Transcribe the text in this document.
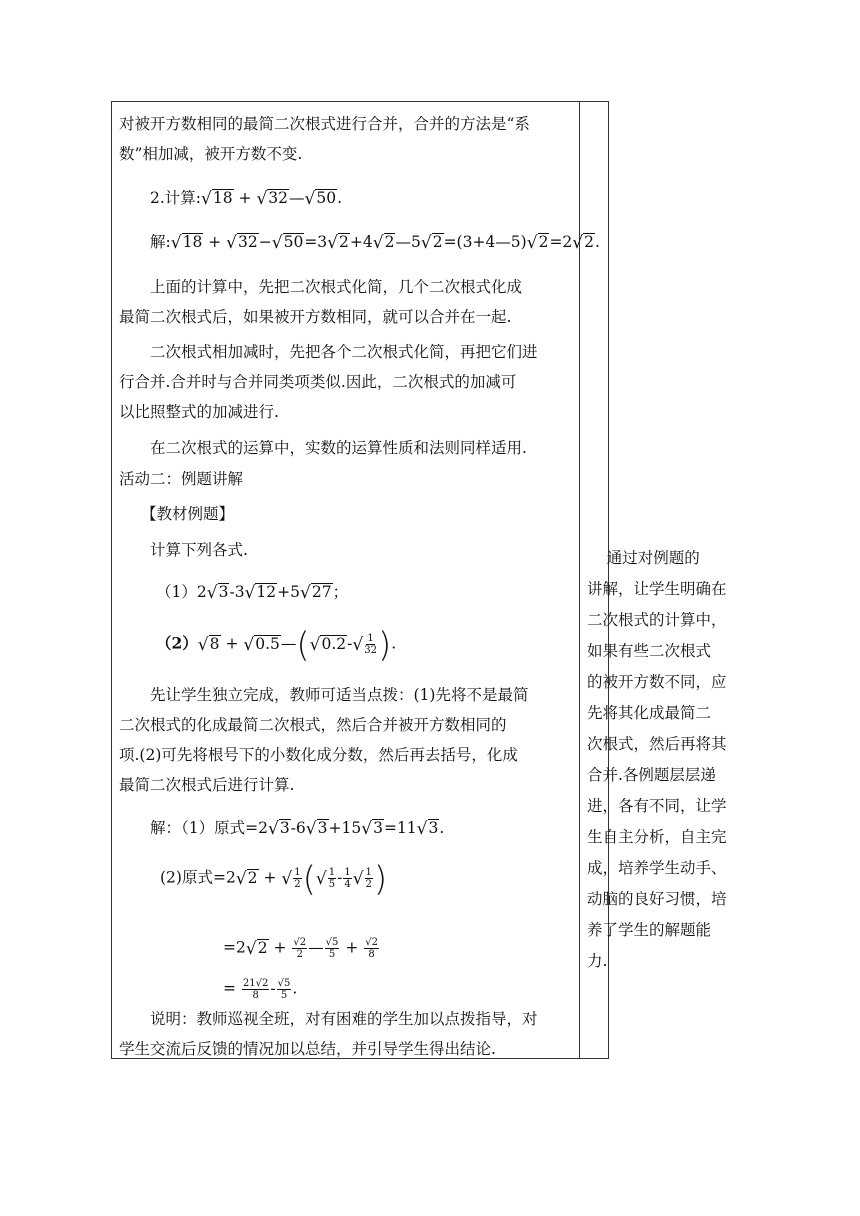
对被开方数相同的最简二次根式进行合并，合并的方法是“系
数”相加减，被开方数不变.
2.计算:√18 + √32—√50.
解:√18 + √32−√50=3√2+4√2—5√2=(3+4—5)√2=2√2.
上面的计算中，先把二次根式化简，几个二次根式化成
最简二次根式后，如果被开方数相同，就可以合并在一起.
二次根式相加减时，先把各个二次根式化简，再把它们进
行合并.合并时与合并同类项类似.因此，二次根式的加减可
以比照整式的加减进行.
在二次根式的运算中，实数的运算性质和法则同样适用.
活动二：例题讲解
【教材例题】
计算下列各式.
（1）2√3-3√12+5√27；
（2）√8 + √0.5—(√0.2-√ $\frac{1}{32}$ ).
先让学生独立完成，教师可适当点拨：(1)先将不是最简
二次根式的化成最简二次根式，然后合并被开方数相同的
项.(2)可先将根号下的小数化成分数，然后再去括号，化成
最简二次根式后进行计算.
解：（1）原式=2√3-6√3+15√3=11√3.
(2)原式=2√2 + √ $\frac{1}{2}$ (√ $\frac{1}{5} - \frac{1}{4}$ √ $\frac{1}{2}$ )
$=2√2 + \frac{√2}{2}$ — $\frac{√5}{5} + \frac{√2}{8}$
= $\frac{21√2}{8} - \frac{√5}{5}$ .
说明：教师巡视全班，对有困难的学生加以点拨指导，对
学生交流后反馈的情况加以总结，并引导学生得出结论.
通过对例题的
讲解，让学生明确在
二次根式的计算中，
如果有些二次根式
的被开方数不同，应
先将其化成最简二
次根式，然后再将其
合并.各例题层层递
进，各有不同，让学
生自主分析，自主完
成，培养学生动手、
动脑的良好习惯，培
养了学生的解题能
力.
